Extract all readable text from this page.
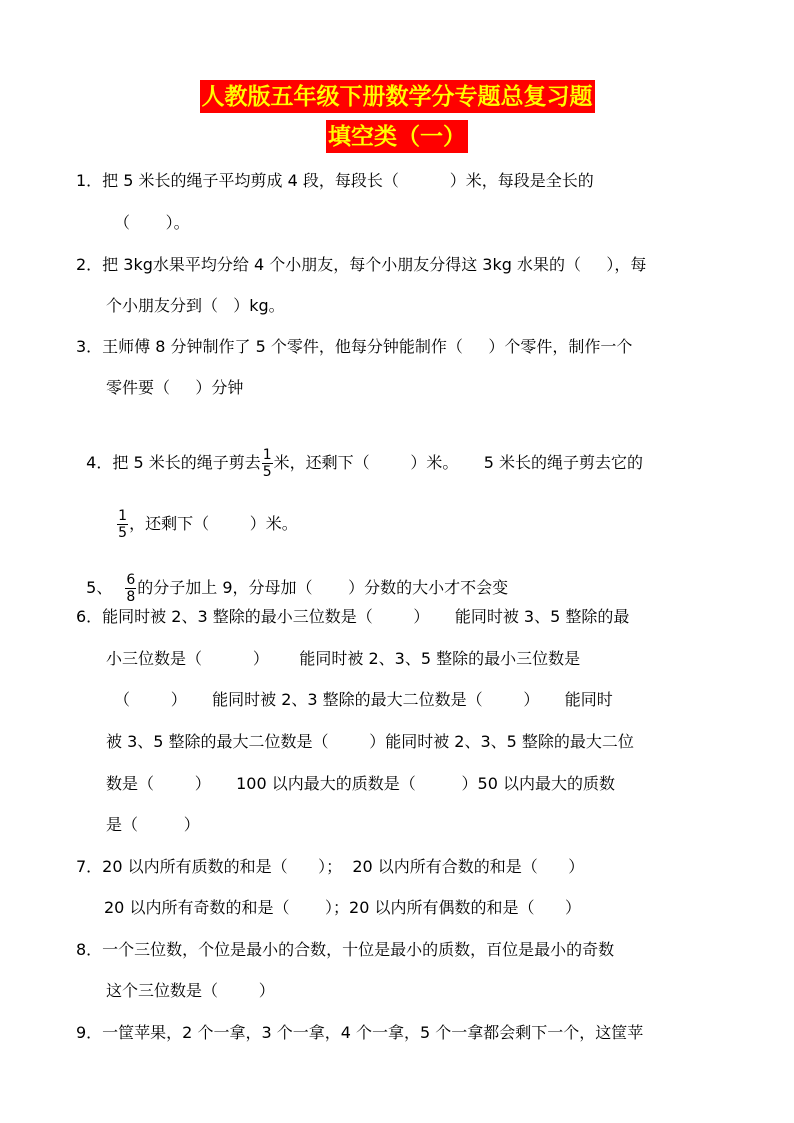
人教版五年级下册数学分专题总复习题
填空类（一）
1．把 5 米长的绳子平均剪成 4 段，每段长（          ）米，每段是全长的
（       ）。
2．把 3kg水果平均分给 4 个小朋友，每个小朋友分得这 3kg 水果的（     ），每
个小朋友分到（   ）kg。
3．王师傅 8 分钟制作了 5 个零件，他每分钟能制作（     ）个零件，制作一个
零件要（     ）分钟

4．把 5 米长的绳子剪去 $\frac{1}{5}$ 米，还剩下（        ）米。     5 米长的绳子剪去它的

$\frac{1}{5}$ ，还剩下（        ）米。

5、 $\frac{6}{8}$ 的分子加上 9，分母加（       ）分数的大小才不会变

6．能同时被 2、3 整除的最小三位数是（        ）     能同时被 3、5 整除的最
小三位数是（          ）      能同时被 2、3、5 整除的最小三位数是
（        ）     能同时被 2、3 整除的最大二位数是（        ）     能同时
被 3、5 整除的最大二位数是（        ）能同时被 2、3、5 整除的最大二位
数是（        ）     100 以内最大的质数是（         ）50 以内最大的质数
是（         ）
7．20 以内所有质数的和是（      ）；  20 以内所有合数的和是（      ）
20 以内所有奇数的和是（       ）；20 以内所有偶数的和是（      ）
8．一个三位数，个位是最小的合数，十位是最小的质数，百位是最小的奇数
这个三位数是（        ）
9．一筐苹果，2 个一拿，3 个一拿，4 个一拿，5 个一拿都会剩下一个，这筐苹
